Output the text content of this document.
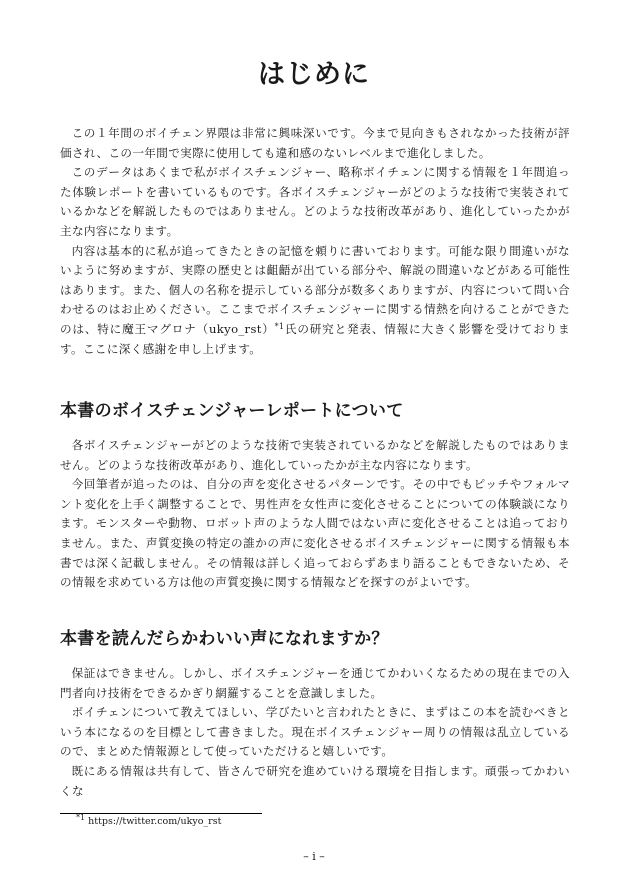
はじめに

この１年間のボイチェン界隈は非常に興味深いです。今まで見向きもされなかった技術が評価され、この一年間で実際に使用しても違和感のないレベルまで進化しました。

このデータはあくまで私がボイスチェンジャー、略称ボイチェンに関する情報を１年間追った体験レポートを書いているものです。各ボイスチェンジャーがどのような技術で実装されているかなどを解説したものではありません。どのような技術改革があり、進化していったかが主な内容になります。

内容は基本的に私が追ってきたときの記憶を頼りに書いております。可能な限り間違いがないように努めますが、実際の歴史とは齟齬が出ている部分や、解説の間違いなどがある可能性はあります。また、個人の名称を提示している部分が数多くありますが、内容について問い合わせるのはお止めください。ここまでボイスチェンジャーに関する情熱を向けることができたのは、特に魔王マグロナ（ukyo_rst）$^{*1}$氏の研究と発表、情報に大きく影響を受けております。ここに深く感謝を申し上げます。

本書のボイスチェンジャーレポートについて

各ボイスチェンジャーがどのような技術で実装されているかなどを解説したものではありません。どのような技術改革があり、進化していったかが主な内容になります。

今回筆者が追ったのは、自分の声を変化させるパターンです。その中でもピッチやフォルマント変化を上手く調整することで、男性声を女性声に変化させることについての体験談になります。モンスターや動物、ロボット声のような人間ではない声に変化させることは追っておりません。また、声質変換の特定の誰かの声に変化させるボイスチェンジャーに関する情報も本書では深く記載しません。その情報は詳しく追っておらずあまり語ることもできないため、その情報を求めている方は他の声質変換に関する情報などを探すのがよいです。

本書を読んだらかわいい声になれますか？

保証はできません。しかし、ボイスチェンジャーを通じてかわいくなるための現在までの入門者向け技術をできるかぎり網羅することを意識しました。

ボイチェンについて教えてほしい、学びたいと言われたときに、まずはこの本を読むべきという本になるのを目標として書きました。現在ボイスチェンジャー周りの情報は乱立しているので、まとめた情報源として使っていただけると嬉しいです。

既にある情報は共有して、皆さんで研究を進めていける環境を目指します。頑張ってかわいくな

$^{*1}$ https://twitter.com/ukyo_rst
– i –
